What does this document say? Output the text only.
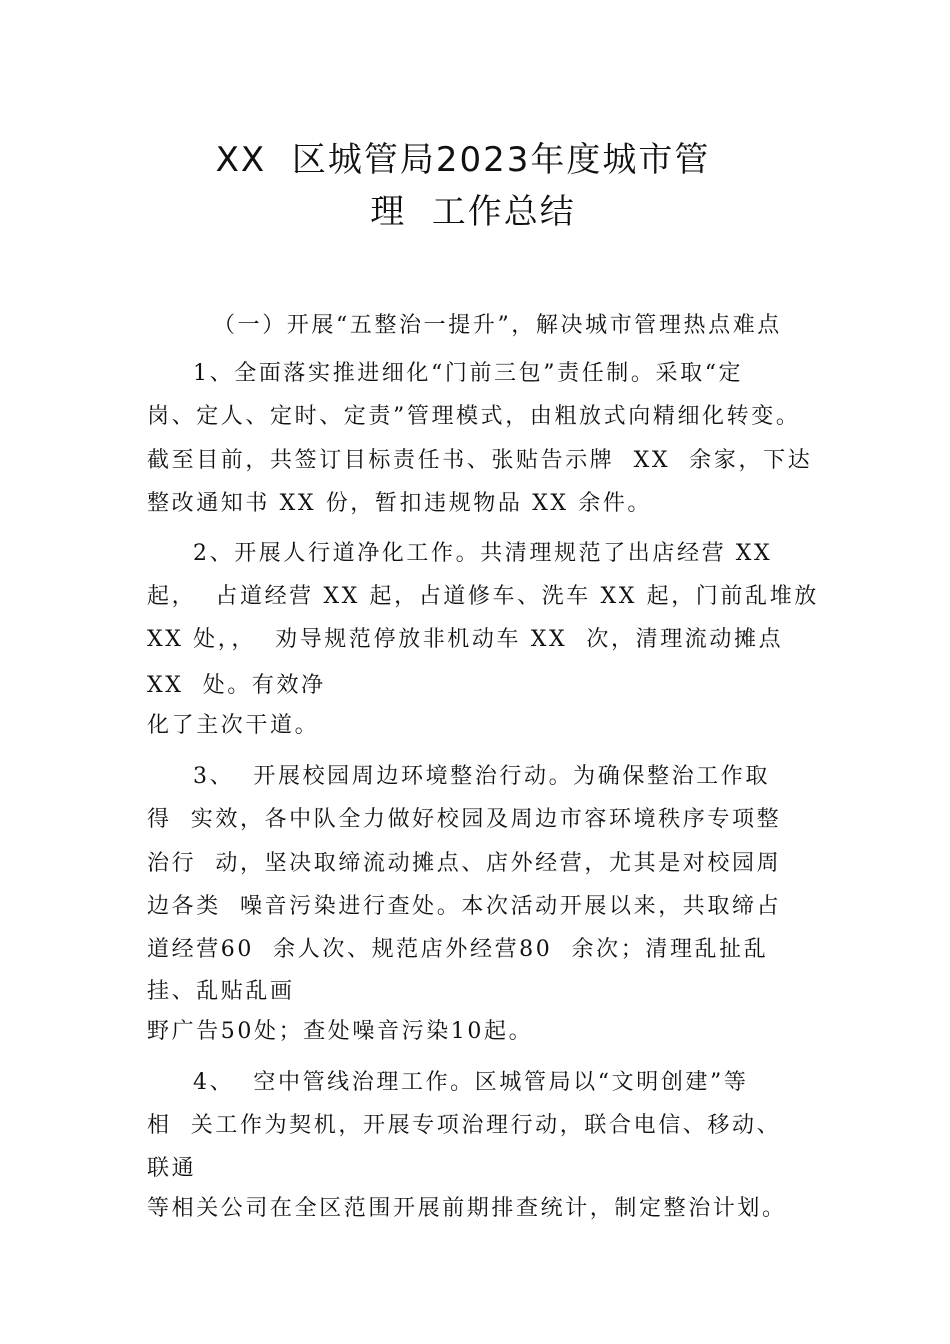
XX  区城管局2023年度城市管
理  工作总结
（一）开展“五整治一提升”，解决城市管理热点难点
1、全面落实推进细化“门前三包”责任制。采取“定
岗、定人、定时、定责”管理模式，由粗放式向精细化转变。
截至目前，共签订目标责任书、张贴告示牌  XX  余家，下达
整改通知书 XX 份，暂扣违规物品 XX 余件。
2、开展人行道净化工作。共清理规范了出店经营 XX
起，  占道经营 XX 起，占道修车、洗车 XX 起，门前乱堆放
XX 处，，  劝导规范停放非机动车 XX  次，清理流动摊点
XX  处。有效净
化了主次干道。
3、  开展校园周边环境整治行动。为确保整治工作取
得  实效，各中队全力做好校园及周边市容环境秩序专项整
治行  动，坚决取缔流动摊点、店外经营，尤其是对校园周
边各类  噪音污染进行查处。本次活动开展以来，共取缔占
道经营60  余人次、规范店外经营80  余次；清理乱扯乱
挂、乱贴乱画
野广告50处；查处噪音污染10起。
4、  空中管线治理工作。区城管局以“文明创建”等
相  关工作为契机，开展专项治理行动，联合电信、移动、
联通
等相关公司在全区范围开展前期排查统计，制定整治计划。
